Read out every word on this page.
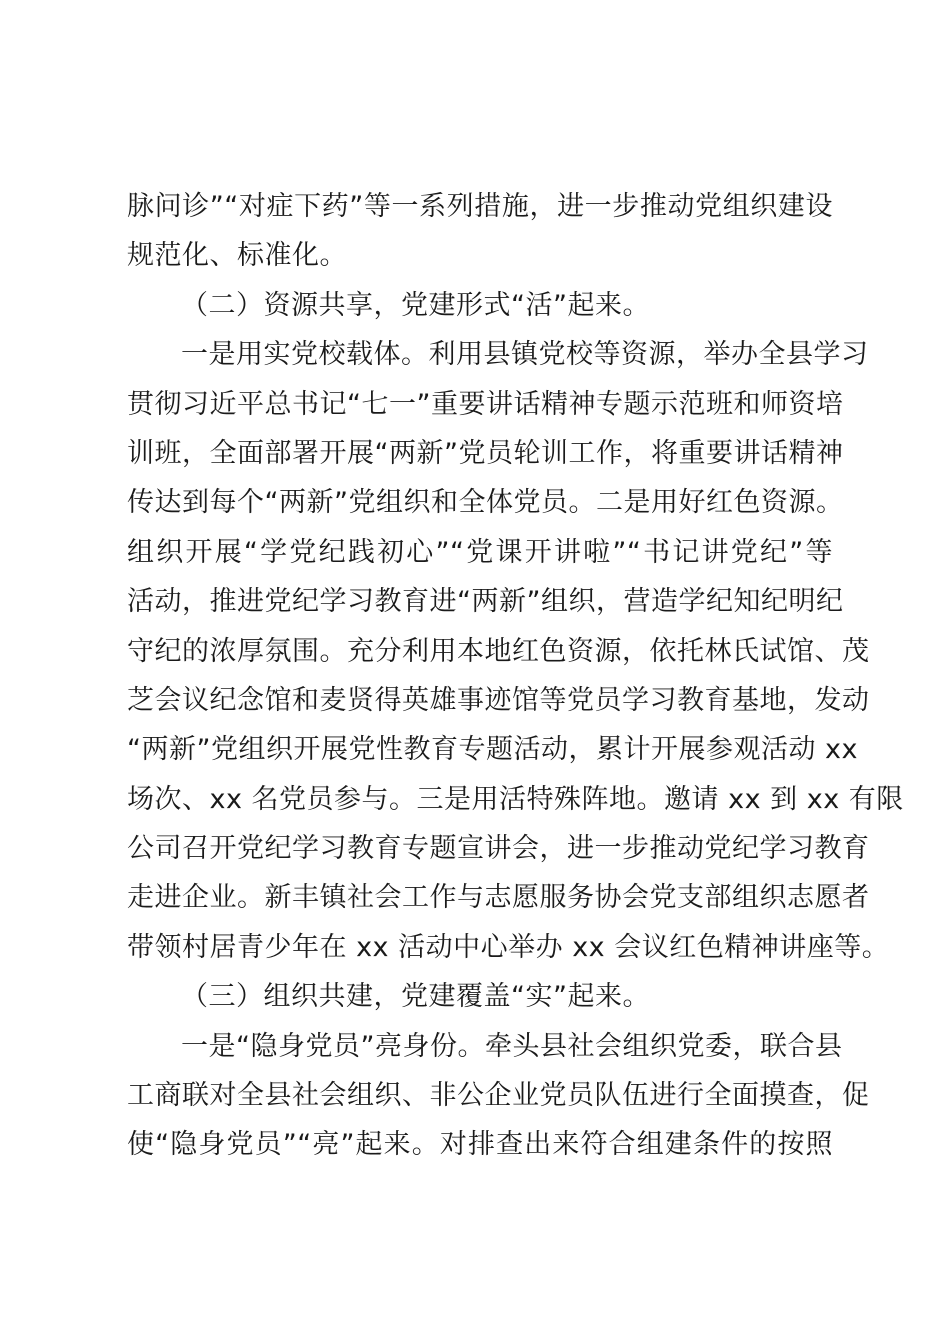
脉问诊”“对症下药”等一系列措施，进一步推动党组织建设
规范化、标准化。
（二）资源共享，党建形式“活”起来。
一是用实党校载体。利用县镇党校等资源，举办全县学习
贯彻习近平总书记“七一”重要讲话精神专题示范班和师资培
训班，全面部署开展“两新”党员轮训工作，将重要讲话精神
传达到每个“两新”党组织和全体党员。二是用好红色资源。
组织开展“学党纪践初心”“党课开讲啦”“书记讲党纪”等
活动，推进党纪学习教育进“两新”组织，营造学纪知纪明纪
守纪的浓厚氛围。充分利用本地红色资源，依托林氏试馆、茂
芝会议纪念馆和麦贤得英雄事迹馆等党员学习教育基地，发动
“两新”党组织开展党性教育专题活动，累计开展参观活动 xx
场次、xx 名党员参与。三是用活特殊阵地。邀请 xx 到 xx 有限
公司召开党纪学习教育专题宣讲会，进一步推动党纪学习教育
走进企业。新丰镇社会工作与志愿服务协会党支部组织志愿者
带领村居青少年在 xx 活动中心举办 xx 会议红色精神讲座等。
（三）组织共建，党建覆盖“实”起来。
一是“隐身党员”亮身份。牵头县社会组织党委，联合县
工商联对全县社会组织、非公企业党员队伍进行全面摸查，促
使“隐身党员”“亮”起来。对排查出来符合组建条件的按照
